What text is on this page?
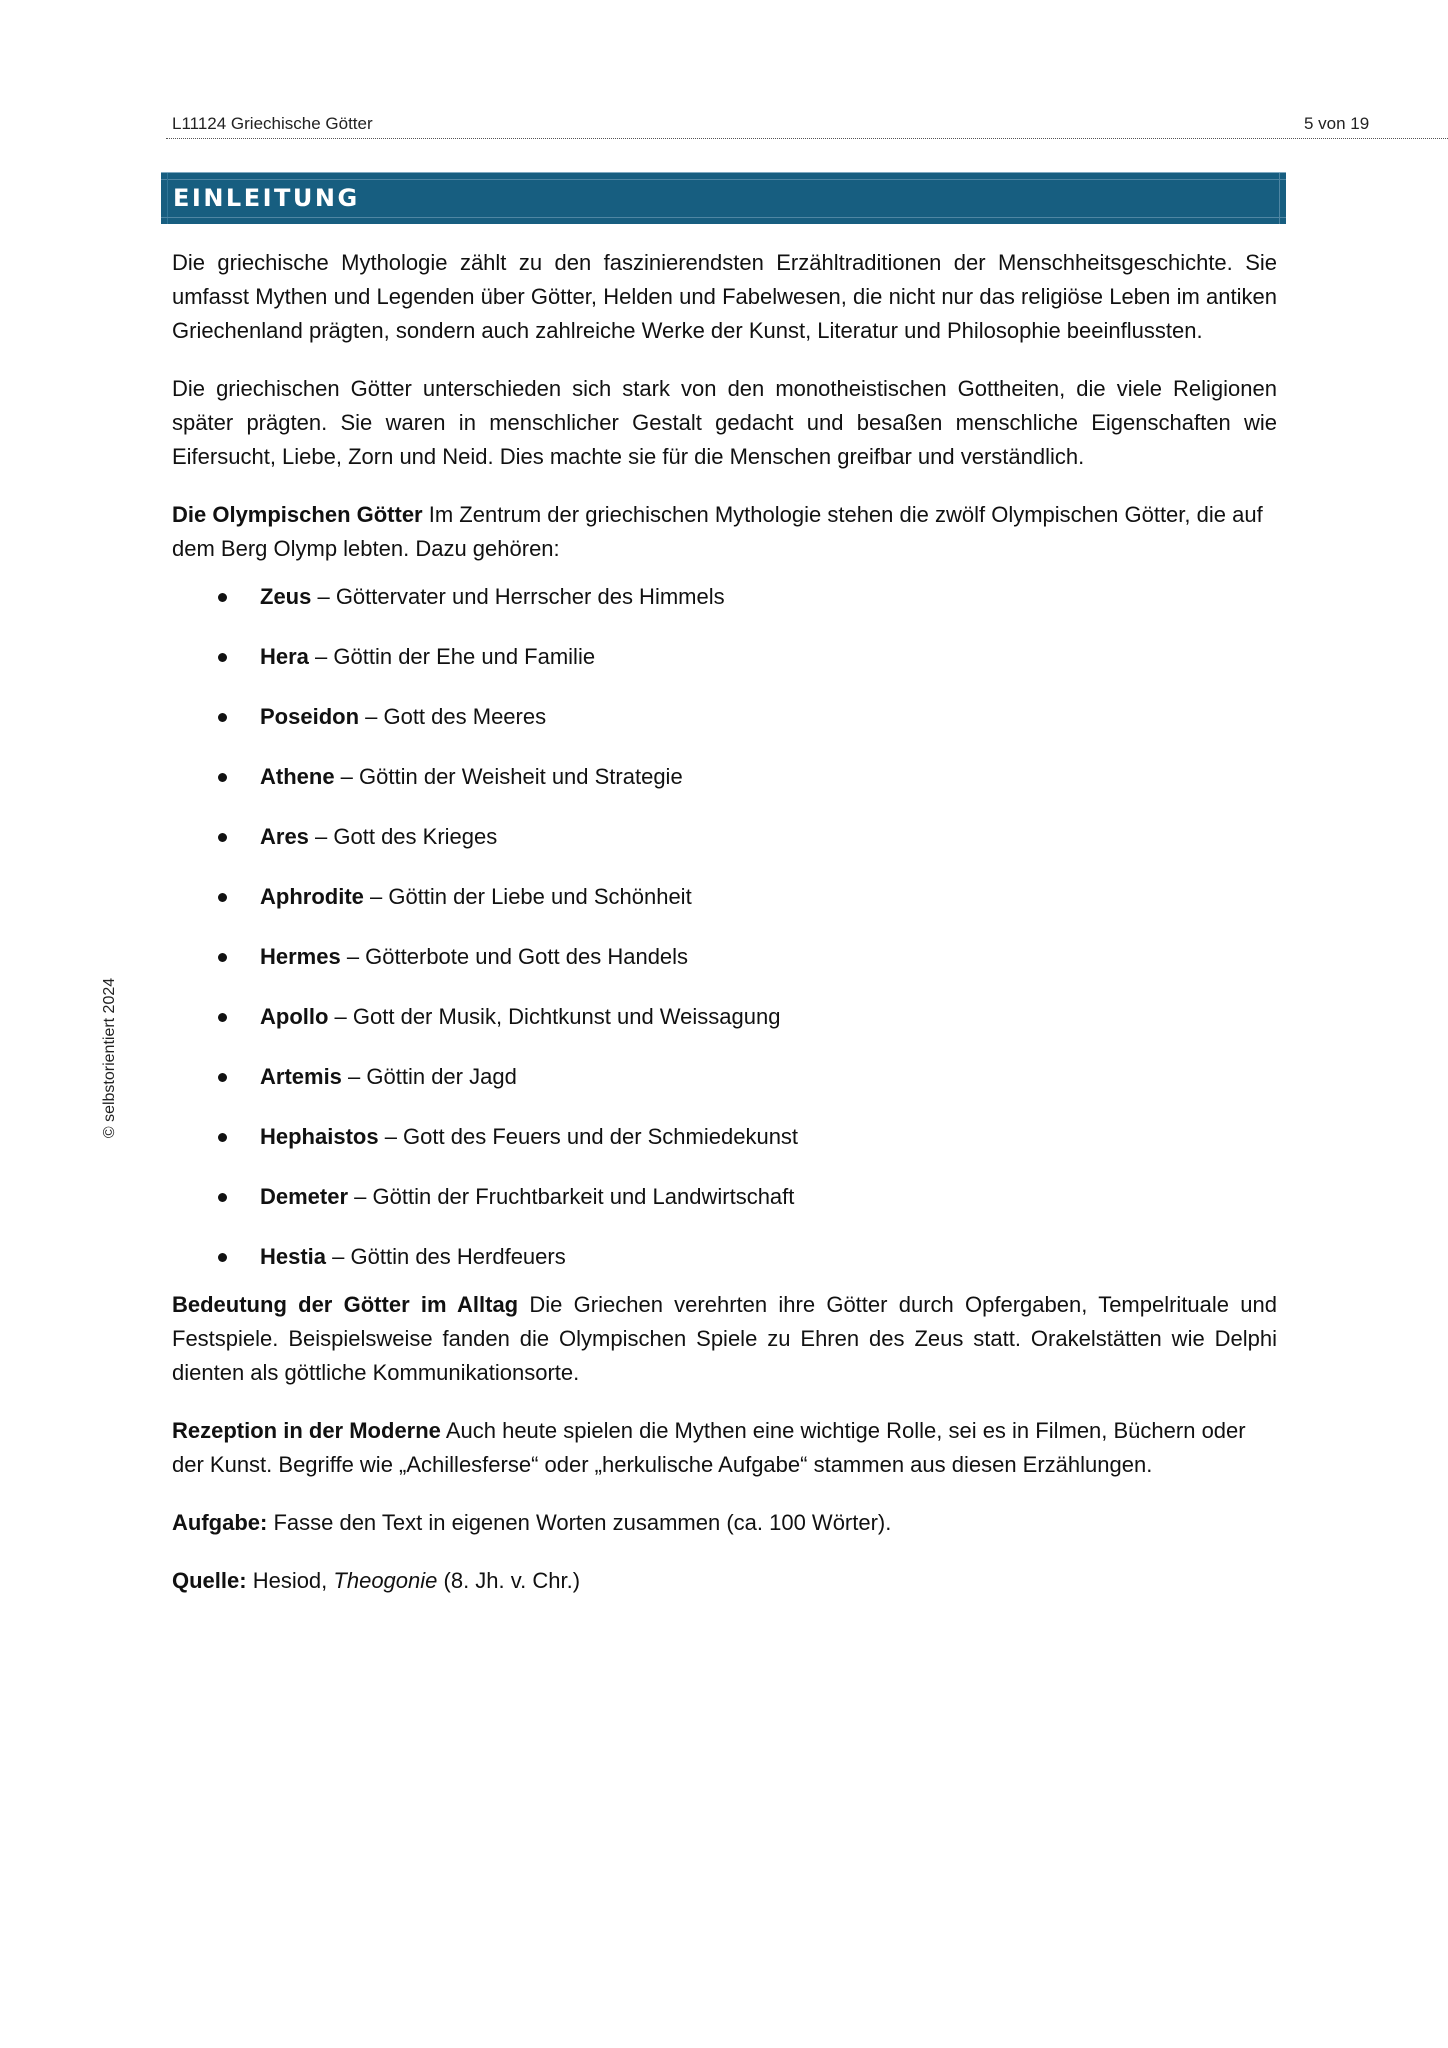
L11124 Griechische Götter	5 von 19
EINLEITUNG

Die griechische Mythologie zählt zu den faszinierendsten Erzähltraditionen der Menschheitsgeschichte. Sie umfasst Mythen und Legenden über Götter, Helden und Fabelwesen, die nicht nur das religiöse Leben im antiken Griechenland prägten, sondern auch zahlreiche Werke der Kunst, Literatur und Philosophie beeinflussten.

Die griechischen Götter unterschieden sich stark von den monotheistischen Gottheiten, die viele Religionen später prägten. Sie waren in menschlicher Gestalt gedacht und besaßen menschliche Eigenschaften wie Eifersucht, Liebe, Zorn und Neid. Dies machte sie für die Menschen greifbar und verständlich.

Die Olympischen Götter Im Zentrum der griechischen Mythologie stehen die zwölf Olympischen Götter, die auf dem Berg Olymp lebten. Dazu gehören:

Zeus – Göttervater und Herrscher des Himmels
Hera – Göttin der Ehe und Familie
Poseidon – Gott des Meeres
Athene – Göttin der Weisheit und Strategie
Ares – Gott des Krieges
Aphrodite – Göttin der Liebe und Schönheit
Hermes – Götterbote und Gott des Handels
Apollo – Gott der Musik, Dichtkunst und Weissagung
Artemis – Göttin der Jagd
Hephaistos – Gott des Feuers und der Schmiedekunst
Demeter – Göttin der Fruchtbarkeit und Landwirtschaft
Hestia – Göttin des Herdfeuers

Bedeutung der Götter im Alltag Die Griechen verehrten ihre Götter durch Opfergaben, Tempelrituale und Festspiele. Beispielsweise fanden die Olympischen Spiele zu Ehren des Zeus statt. Orakelstätten wie Delphi dienten als göttliche Kommunikationsorte.

Rezeption in der Moderne Auch heute spielen die Mythen eine wichtige Rolle, sei es in Filmen, Büchern oder der Kunst. Begriffe wie „Achillesferse“ oder „herkulische Aufgabe“ stammen aus diesen Erzählungen.

Aufgabe: Fasse den Text in eigenen Worten zusammen (ca. 100 Wörter).

Quelle: Hesiod, Theogonie (8. Jh. v. Chr.)

© selbstorientiert 2024
